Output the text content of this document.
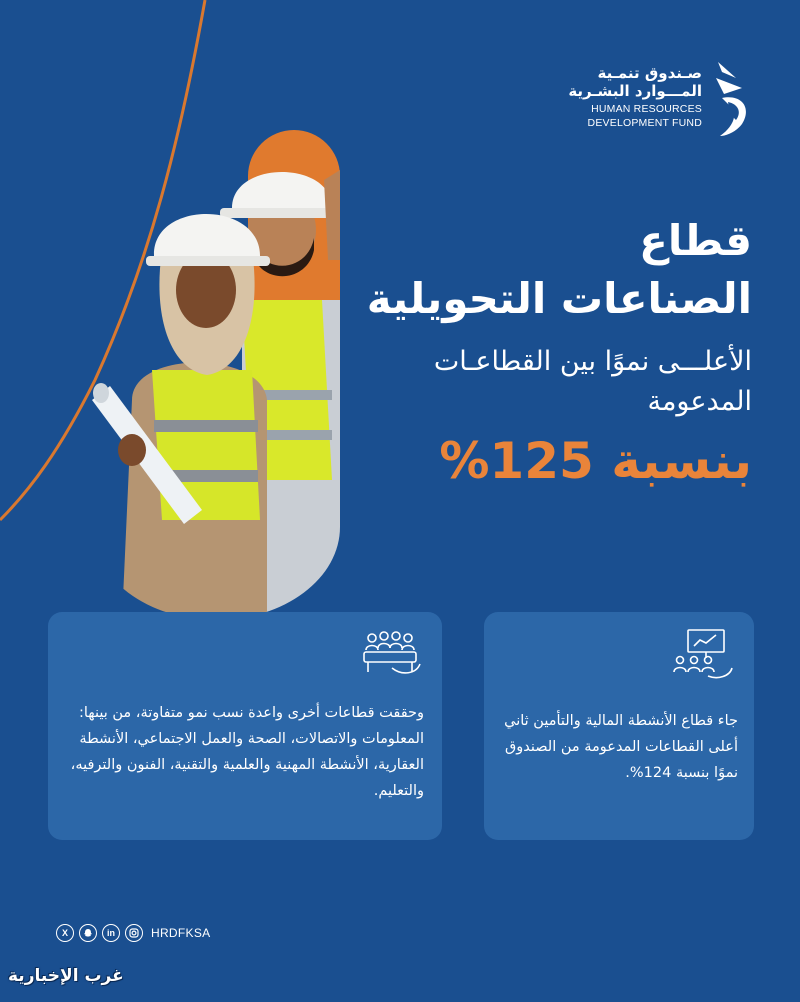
صـندوق تنمـية
المـــوارد البشـرية
HUMAN RESOURCES
DEVELOPMENT FUND
قطاع
الصناعات التحويلية
الأعلـــى نموًا بين القطاعـات
المدعومة
بنسبة 125%
وحققت قطاعات أخرى واعدة نسب نمو متفاوتة، من بينها: المعلومات والاتصالات، الصحة والعمل الاجتماعي، الأنشطة العقارية، الأنشطة المهنية والعلمية والتقنية، الفنون والترفيه، والتعليم.
جاء قطاع الأنشطة المالية والتأمين ثاني أعلى القطاعات المدعومة من الصندوق نموًا بنسبة 124%.
X	in	HRDFKSA
غرب الإخبارية
